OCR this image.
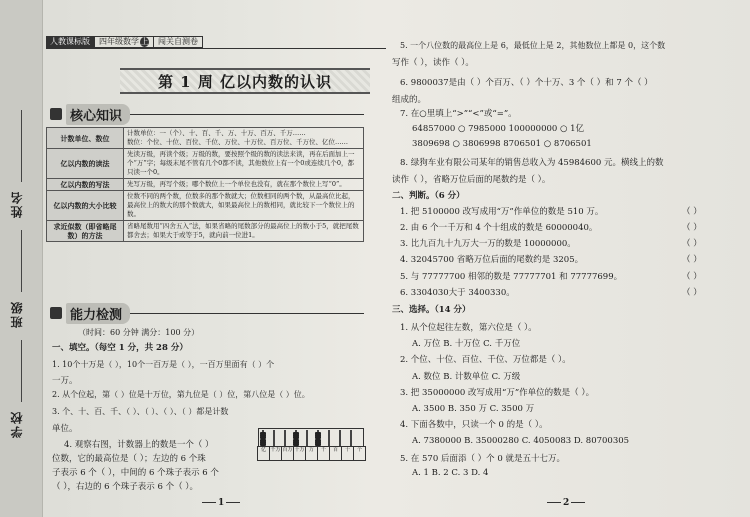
姓名
班级
学校
人教课标版	四年级数学 上	闯关自测卷
第 1 周 亿以内数的认识
核心知识
计数单位、数位	计数单位：一（个）、十、百、千、万、十万、百万、千万……
数位：个位、十位、百位、千位、万位、十万位、百万位、千万位、亿位……

亿以内数的读法	先读万级，再读个级；万级的数，要按照个级的数的读法来读，再在后面加上一个“万”字；每级末尾不管有几个0都不读，其他数位上有一个0或连续几个0，都只读一个0。

亿以内数的写法	先写万级，再写个级；哪个数位上一个单位也没有，就在那个数位上写“0”。

亿以内数的大小比较	位数不同的两个数，位数多的那个数就大；位数相同的两个数，从最高位比起，最高位上的数大的那个数就大，如果最高位上的数相同，就比较下一个数位上的数。

求近似数（即省略尾数）的方法	省略尾数用“四舍五入”法，如果省略的尾数部分的最高位上的数小于5，就把尾数都舍去；如果大于或等于5，就向前一位进1。
能力检测
（时间：60 分钟 满分：100 分）
一、填空。（每空 1 分，共 28 分）
1. 10个十万是（ ），10个一百万是（ ），一百万里面有（ ）个
一万。
2. 从个位起，第（ ）位是十万位，第九位是（ ）位，第八位是（ ）位。
3. 个、十、百、千、（ ）、（ ）、（ ）、（ ）都是计数
单位。
4. 观察右图，计数器上的数是一个（ ）
位数，它的最高位是（ ）；左边的 6 个珠
子表示 6 个（ ），中间的 6 个珠子表示 6 个
（ ），右边的 6 个珠子表示 6 个（ ）。
亿 千万 百万 十万 万	千	百	十	个
1
5. 一个八位数的最高位上是 6，最低位上是 2，其他数位上都是 0，这个数
写作（ ），读作（ ）。
6. 9800037是由（ ）个百万、（ ）个十万、3 个（ ）和 7 个（ ）
组成的。
7. 在○里填上“>”“<”或“=”。
64857000 ○ 7985000 100000000 ○ 1亿
3809698 ○ 3806998 8706501 ○ 8706501
8. 绿狗车业有限公司某年的销售总收入为 45984600 元。横线上的数
读作（ ），省略万位后面的尾数约是（ ）。
二、判断。（6 分）
1. 把 5100000 改写成用“万”作单位的数是 510 万。	（ ）
2. 由 6 个一千万和 4 个十组成的数是 60000040。	（ ）
3. 比九百九十九万大一万的数是 10000000。	（ ）
4. 32045700 省略万位后面的尾数约是 3205。	（ ）
5. 与 77777700 相邻的数是 77777701 和 77777699。	（ ）
6. 3304030大于 3400330。	（ ）
三、选择。（14 分）
1. 从个位起往左数，第六位是（ ）。
A. 万位 B. 十万位 C. 千万位
2. 个位、十位、百位、千位、万位都是（ ）。
A. 数位 B. 计数单位 C. 万级
3. 把 35000000 改写成用“万”作单位的数是（ ）。
A. 3500 B. 350 万 C. 3500 万
4. 下面各数中，只读一个 0 的是（ ）。
A. 7380000 B. 35000280 C. 4050083 D. 80700305
5. 在 570 后面添（ ）个 0 就是五十七万。
A. 1 B. 2 C. 3 D. 4
2
